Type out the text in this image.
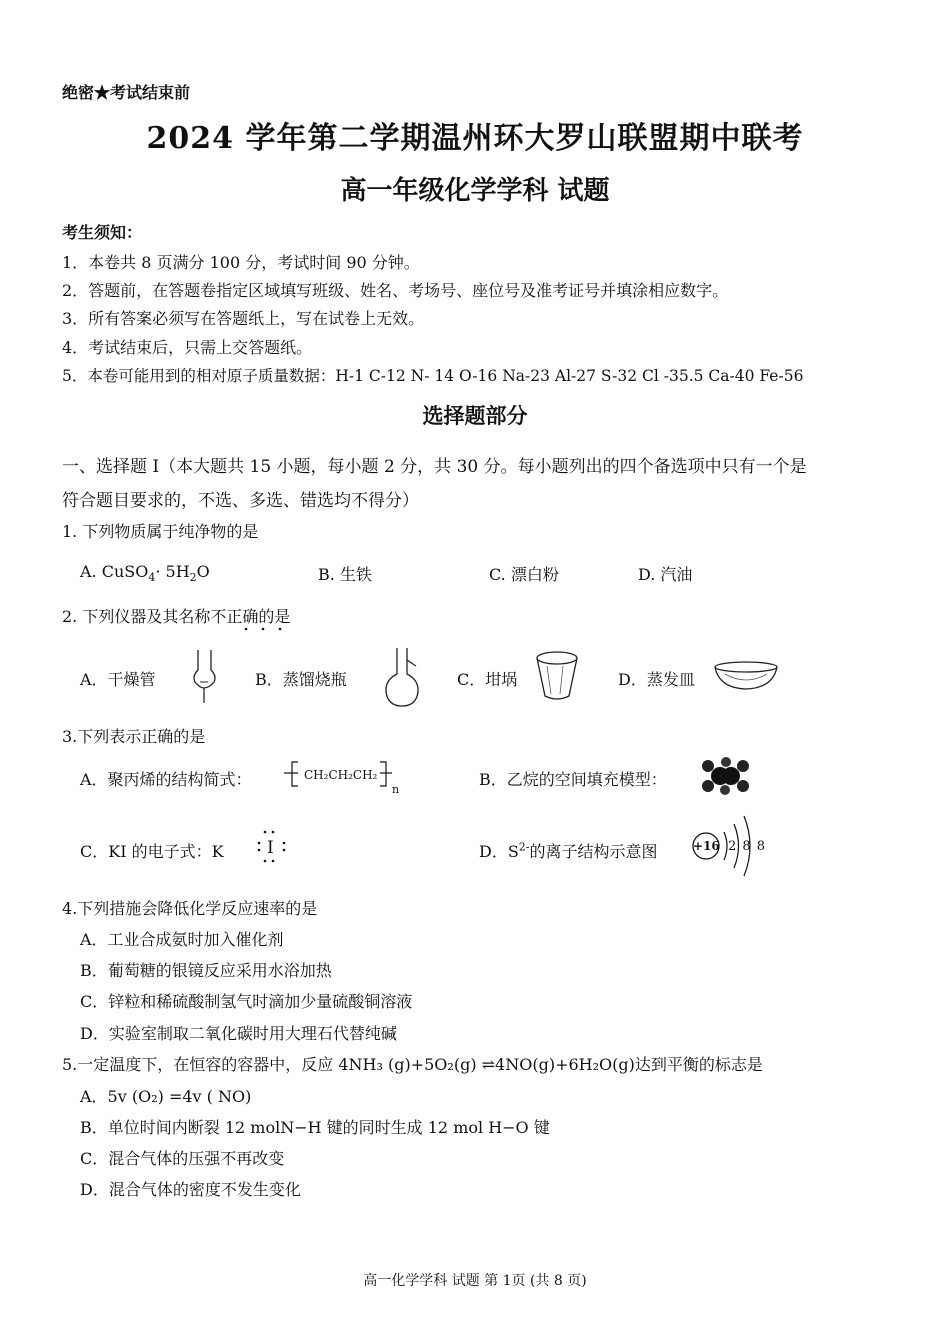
绝密★考试结束前
2024 学年第二学期温州环大罗山联盟期中联考
高一年级化学学科 试题
考生须知：
1．本卷共 8 页满分 100 分，考试时间 90 分钟。
2．答题前，在答题卷指定区域填写班级、姓名、考场号、座位号及准考证号并填涂相应数字。
3．所有答案必须写在答题纸上，写在试卷上无效。
4．考试结束后，只需上交答题纸。
5．本卷可能用到的相对原子质量数据：H-1 C-12 N- 14 O-16 Na-23 Al-27 S-32 Cl -35.5 Ca-40 Fe-56
选择题部分
一、选择题 I（本大题共 15 小题，每小题 2 分，共 30 分。每小题列出的四个备选项中只有一个是
符合题目要求的，不选、多选、错选均不得分）
1. 下列物质属于纯净物的是
A. CuSO$_4$· $5H_2O$	B. 生铁	C. 漂白粉	D. 汽油
2. 下列仪器及其名称不正确的是
A．干燥管	B．蒸馏烧瓶	C．坩埚	D．蒸发皿
3.下列表示正确的是
A．聚丙烯的结构简式：	CH₂CH₂CH₂
n
B．乙烷的空间填充模型：
C．KI 的电子式：K	I	D．$S^{2-}$的离子结构示意图	+16 2 8 8
4.下列措施会降低化学反应速率的是
A．工业合成氨时加入催化剂
B．葡萄糖的银镜反应采用水浴加热
C．锌粒和稀硫酸制氢气时滴加少量硫酸铜溶液
D．实验室制取二氧化碳时用大理石代替纯碱
5.一定温度下，在恒容的容器中，反应 4NH₃ (g)+5O₂(g) ⇌4NO(g)+6H₂O(g)达到平衡的标志是
A．5v (O₂) =4v ( NO)
B．单位时间内断裂 12 molN−H 键的同时生成 12 mol H−O 键
C．混合气体的压强不再改变
D．混合气体的密度不发生变化
高一化学学科 试题 第 1页 (共 8 页)
